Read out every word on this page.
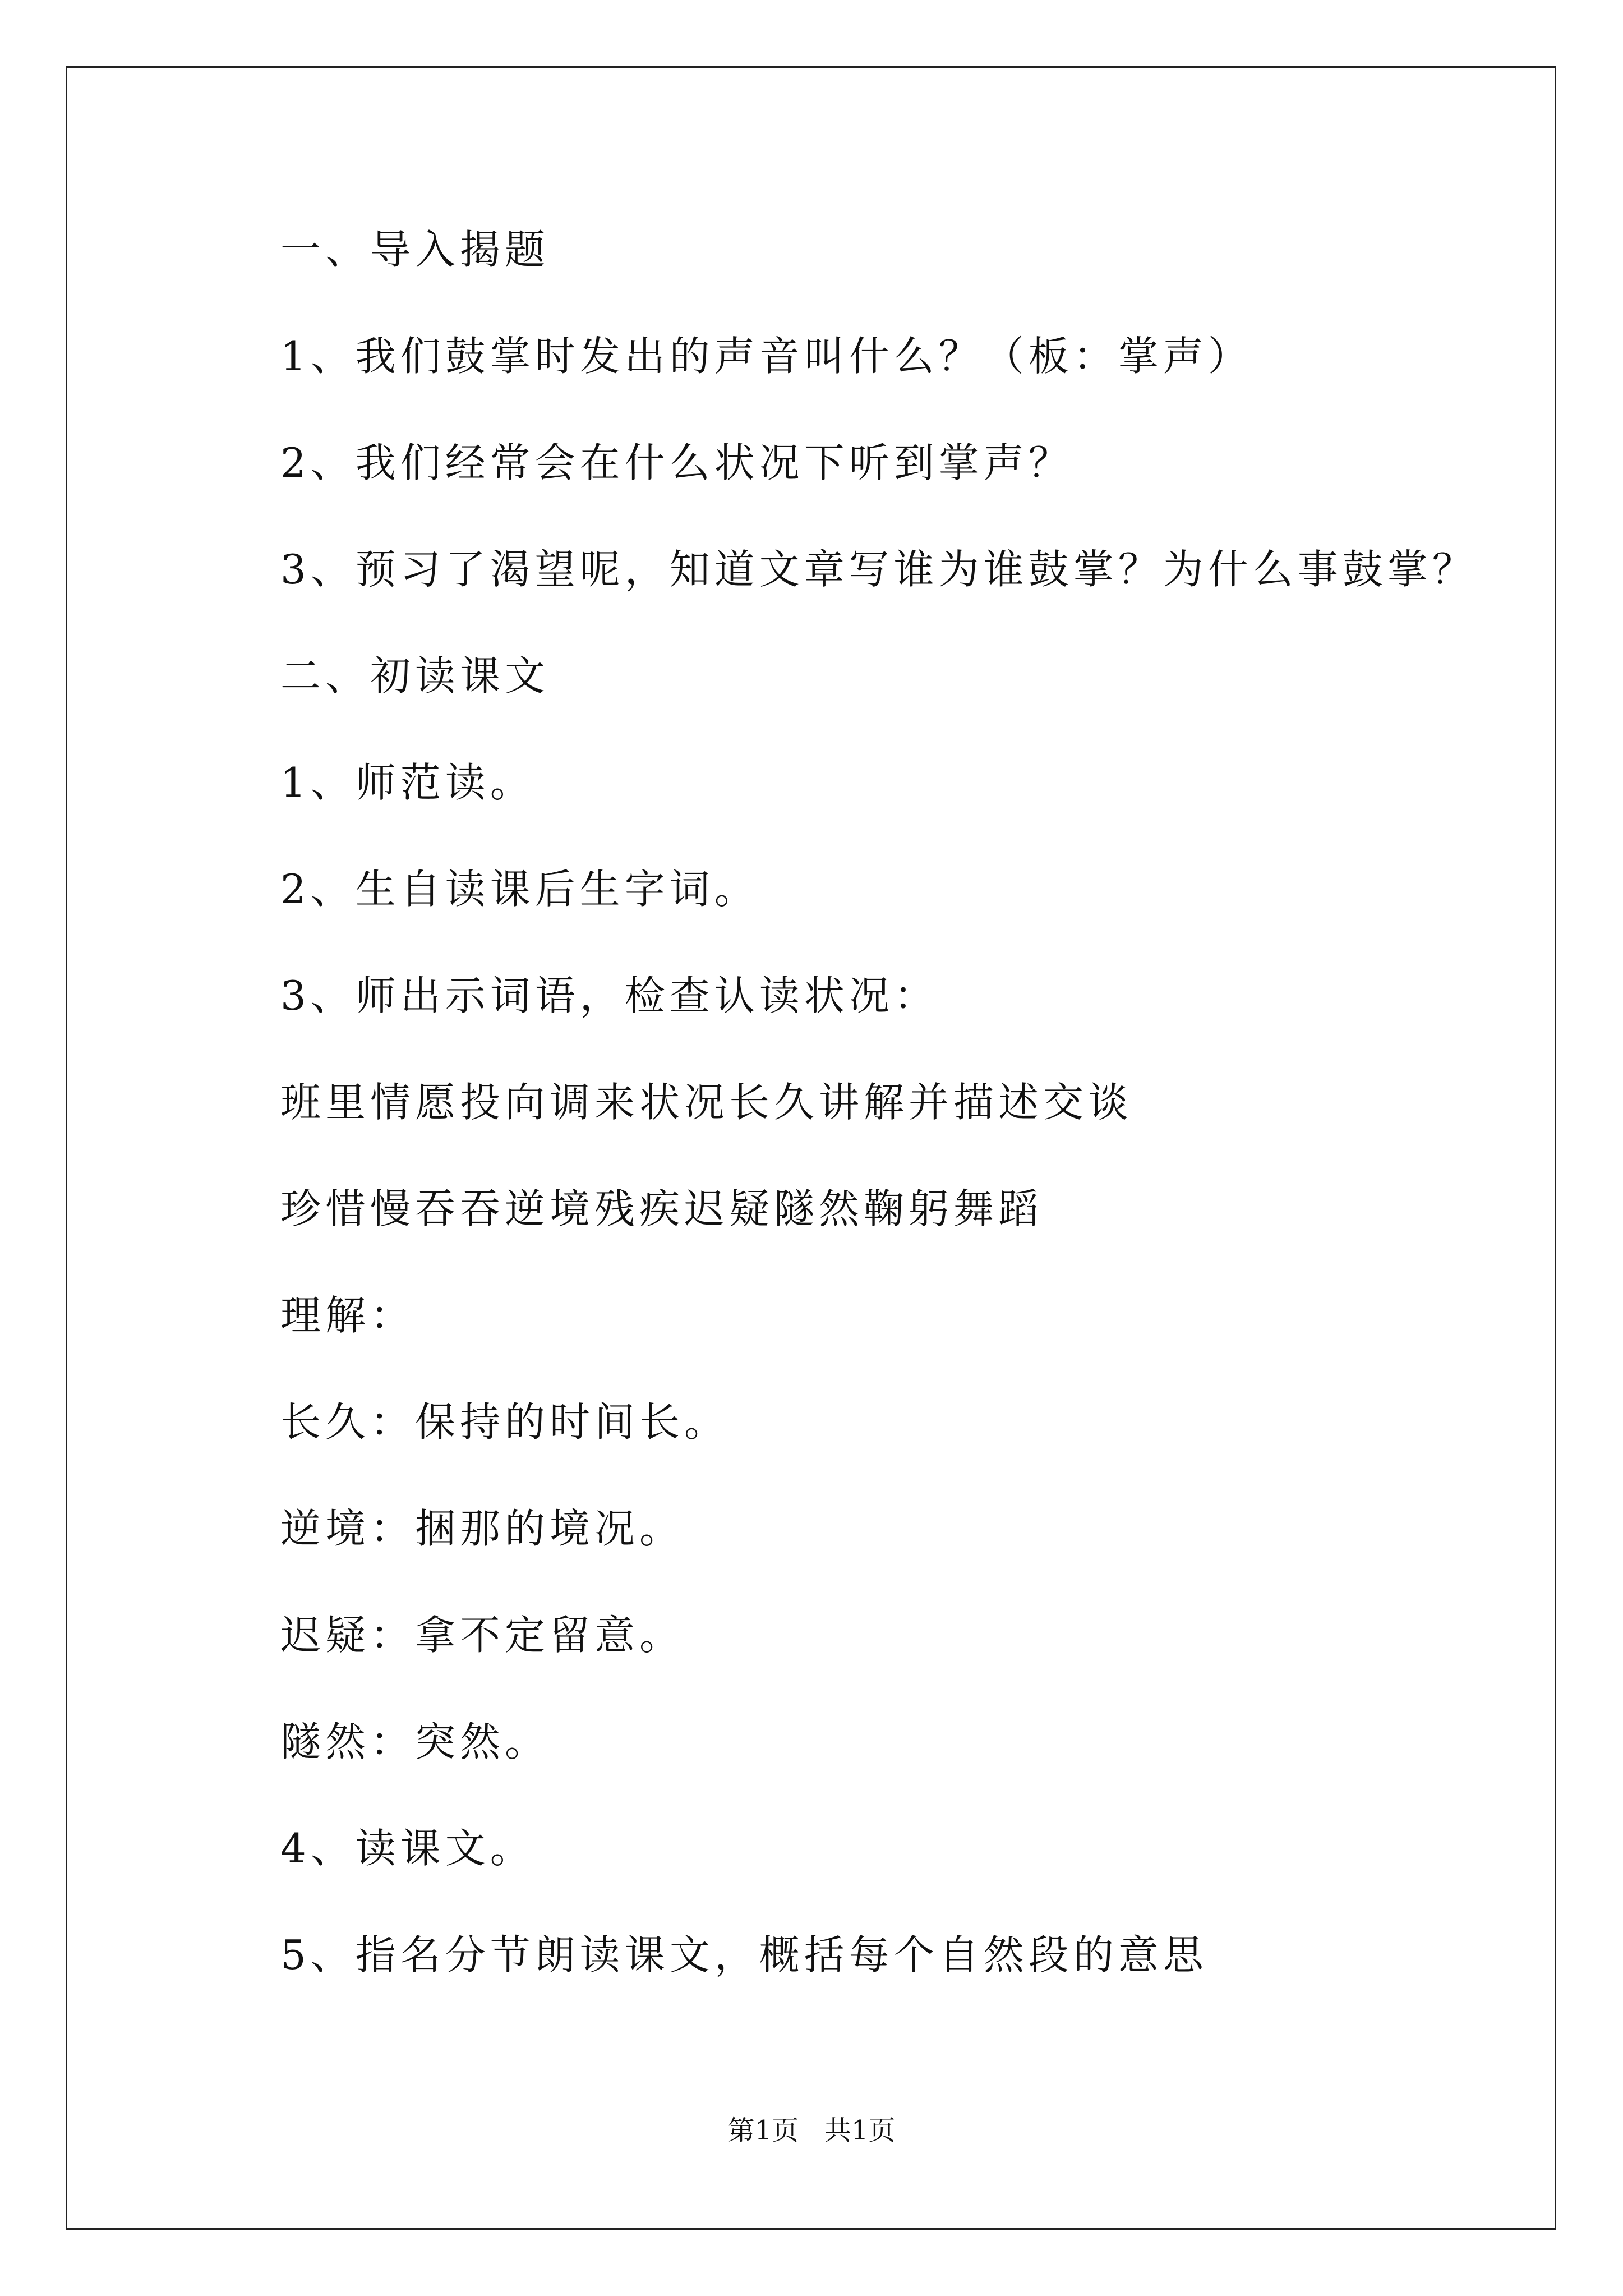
一、导入揭题
1、我们鼓掌时发出的声音叫什么？（板：掌声）
2、我们经常会在什么状况下听到掌声？
3、预习了渴望呢，知道文章写谁为谁鼓掌？为什么事鼓掌？
二、初读课文
1、师范读。
2、生自读课后生字词。
3、师出示词语，检查认读状况：
班里情愿投向调来状况长久讲解并描述交谈
珍惜慢吞吞逆境残疾迟疑隧然鞠躬舞蹈
理解：
长久：保持的时间长。
逆境：捆那的境况。
迟疑：拿不定留意。
隧然：突然。
4、读课文。
5、指名分节朗读课文，概括每个自然段的意思
第1页   共1页
